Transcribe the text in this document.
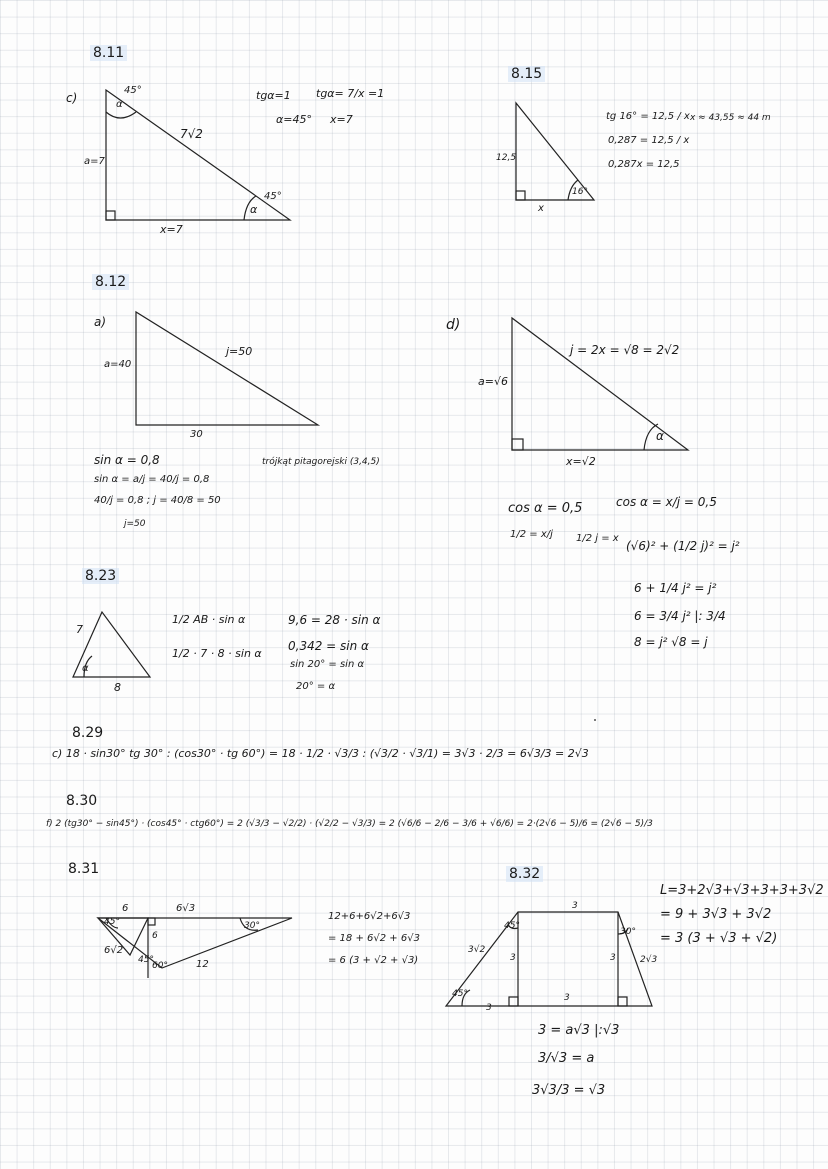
8.11
c)
45°
α
7√2
a=7
x=7
45°
α
tgα=1 tgα= 7/x =1
α=45° x=7
8.15
12,5
16°
x
tg 16° = 12,5 / x
0,287 = 12,5 / x
0,287x = 12,5
x ≈ 43,55 ≈ 44 m
8.12
a)
a=40
j=50
30
sin α = 0,8
sin α = a/j = 40/j = 0,8
40/j = 0,8 ; j = 40/8 = 50
j=50
trójkąt pitagorejski (3,4,5)
d)
a=√6
j = 2x = √8 = 2√2
α
x=√2
cos α = 0,5	cos α = x/j = 0,5
1/2 = x/j 1/2 j = x
(√6)² + (1/2 j)² = j²
6 + 1/4 j² = j²
6 = 3/4 j² |: 3/4
8 = j² √8 = j
8.23
7
8
α
1/2 AB · sin α
1/2 · 7 · 8 · sin α
9,6 = 28 · sin α
0,342 = sin α
sin 20° = sin α
20° = α
8.29
c) 18 · sin30° tg 30° : (cos30° · tg 60°) = 18 · 1/2 · √3/3 : (√3/2 · √3/1) = 3√3 · 2/3 = 6√3/3 = 2√3
8.30
f) 2 (tg30° − sin45°) · (cos45° · ctg60°) = 2 (√3/3 − √2/2) · (√2/2 − √3/3) = 2 (√6/6 − 2/6 − 3/6 + √6/6) = 2·(2√6 − 5)/6 = (2√6 − 5)/3
8.31
6	6√3
30°
45°
45°
60°
6√2
6
12
12+6+6√2+6√3
= 18 + 6√2 + 6√3
= 6 (3 + √2 + √3)
8.32
3
3√2
45°
45°
30°
3	3	2√3
3
3
L=3+2√3+√3+3+3+3√2
= 9 + 3√3 + 3√2
= 3 (3 + √3 + √2)
3 = a√3 |:√3
3/√3 = a
3√3/3 = √3
